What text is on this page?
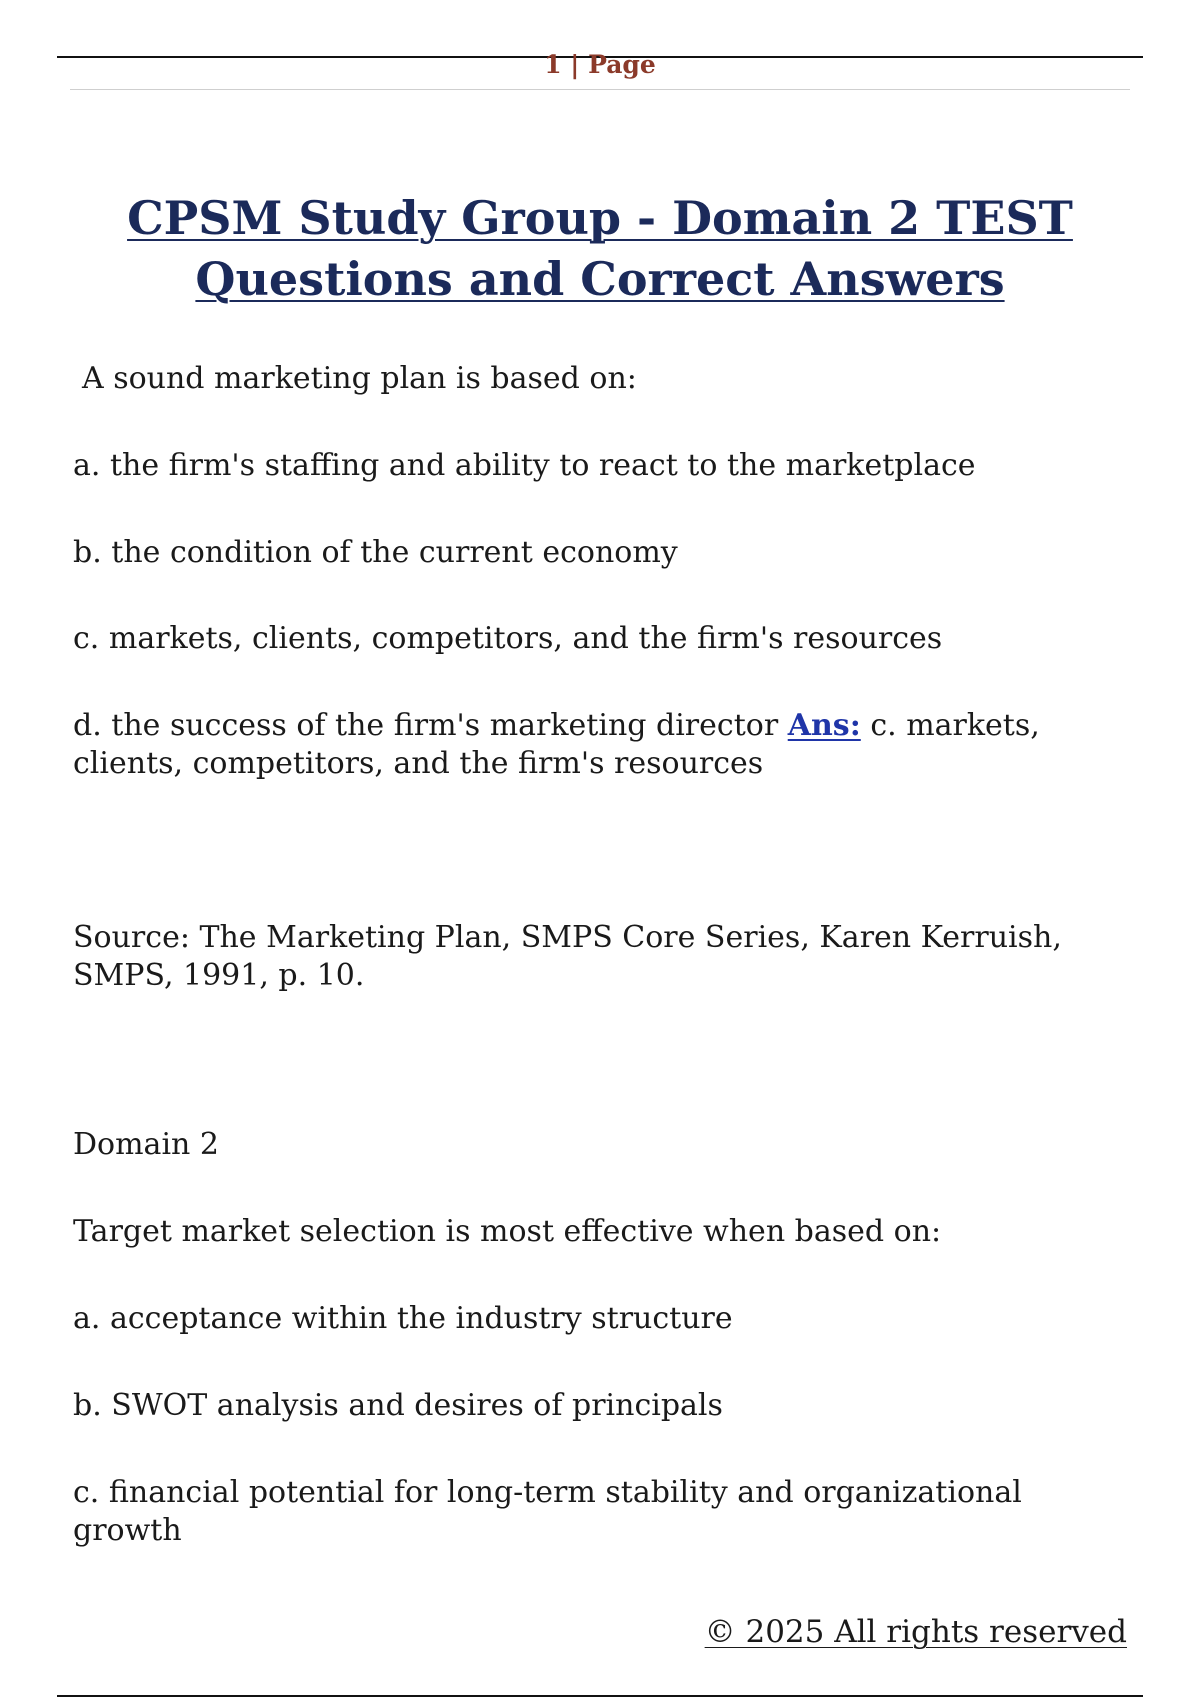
1 | Page
CPSM Study Group - Domain 2 TEST
Questions and Correct Answers

A sound marketing plan is based on:

a. the firm's staffing and ability to react to the marketplace

b. the condition of the current economy

c. markets, clients, competitors, and the firm's resources

d. the success of the firm's marketing director Ans: c. markets, clients, competitors, and the firm's resources

Source: The Marketing Plan, SMPS Core Series, Karen Kerruish, SMPS, 1991, p. 10.

Domain 2

Target market selection is most effective when based on:

a. acceptance within the industry structure

b. SWOT analysis and desires of principals

c. financial potential for long-term stability and organizational growth

© 2025 All rights reserved
